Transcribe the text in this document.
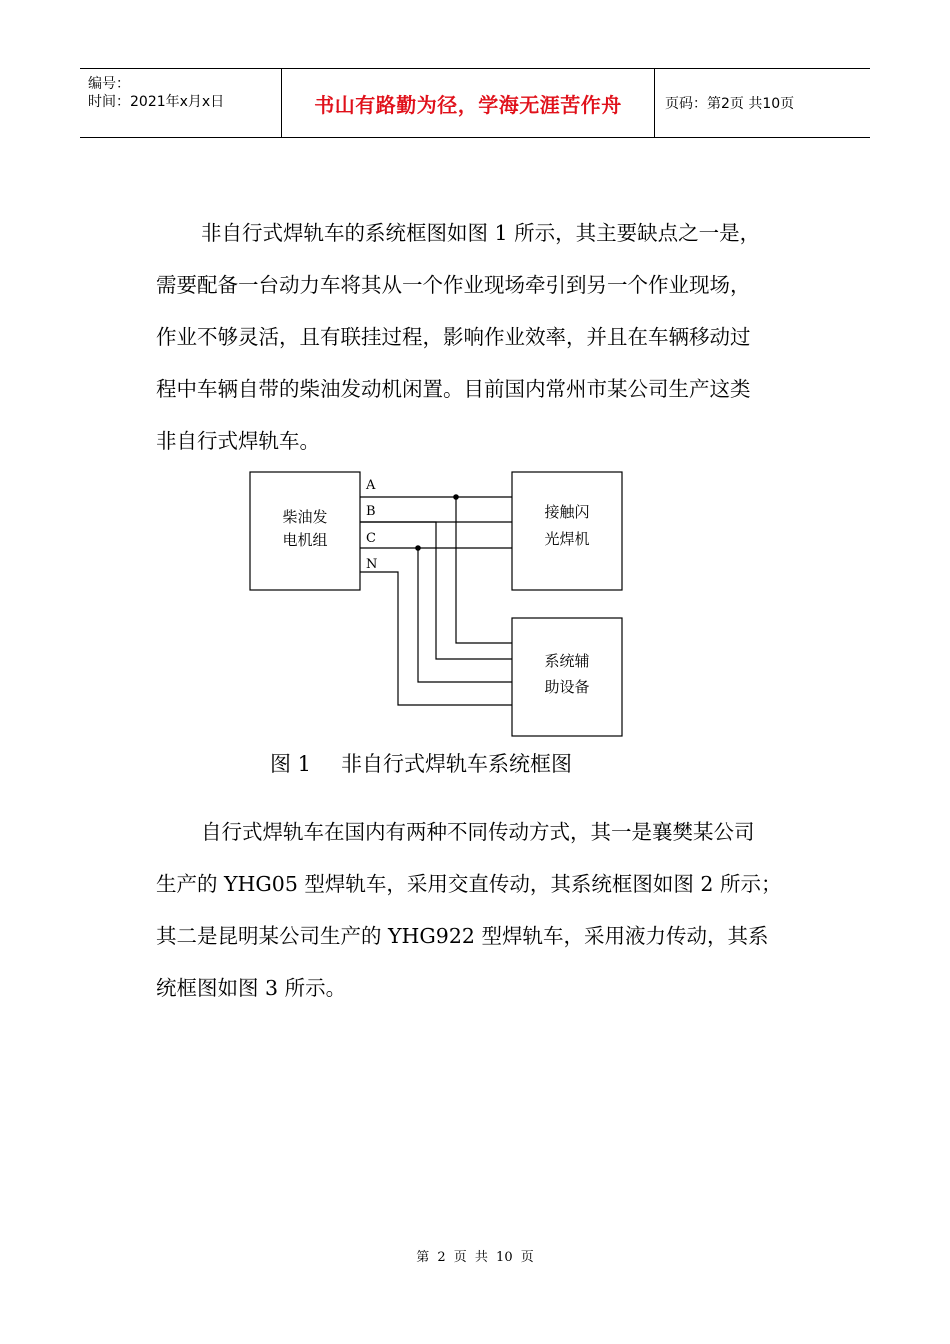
编号：
时间：2021年x月x日	书山有路勤为径，学海无涯苦作舟	页码：第2页 共10页
非自行式焊轨车的系统框图如图 1 所示，其主要缺点之一是，
需要配备一台动力车将其从一个作业现场牵引到另一个作业现场，
作业不够灵活，且有联挂过程，影响作业效率，并且在车辆移动过
程中车辆自带的柴油发动机闲置。目前国内常州市某公司生产这类
非自行式焊轨车。
A
B
C
N
柴油发
电机组
接触闪
光焊机
系统辅
助设备
图 1 非自行式焊轨车系统框图
自行式焊轨车在国内有两种不同传动方式，其一是襄樊某公司
生产的 YHG05 型焊轨车，采用交直传动，其系统框图如图 2 所示；
其二是昆明某公司生产的 YHG922 型焊轨车，采用液力传动，其系
统框图如图 3 所示。
第 2 页 共 10 页
